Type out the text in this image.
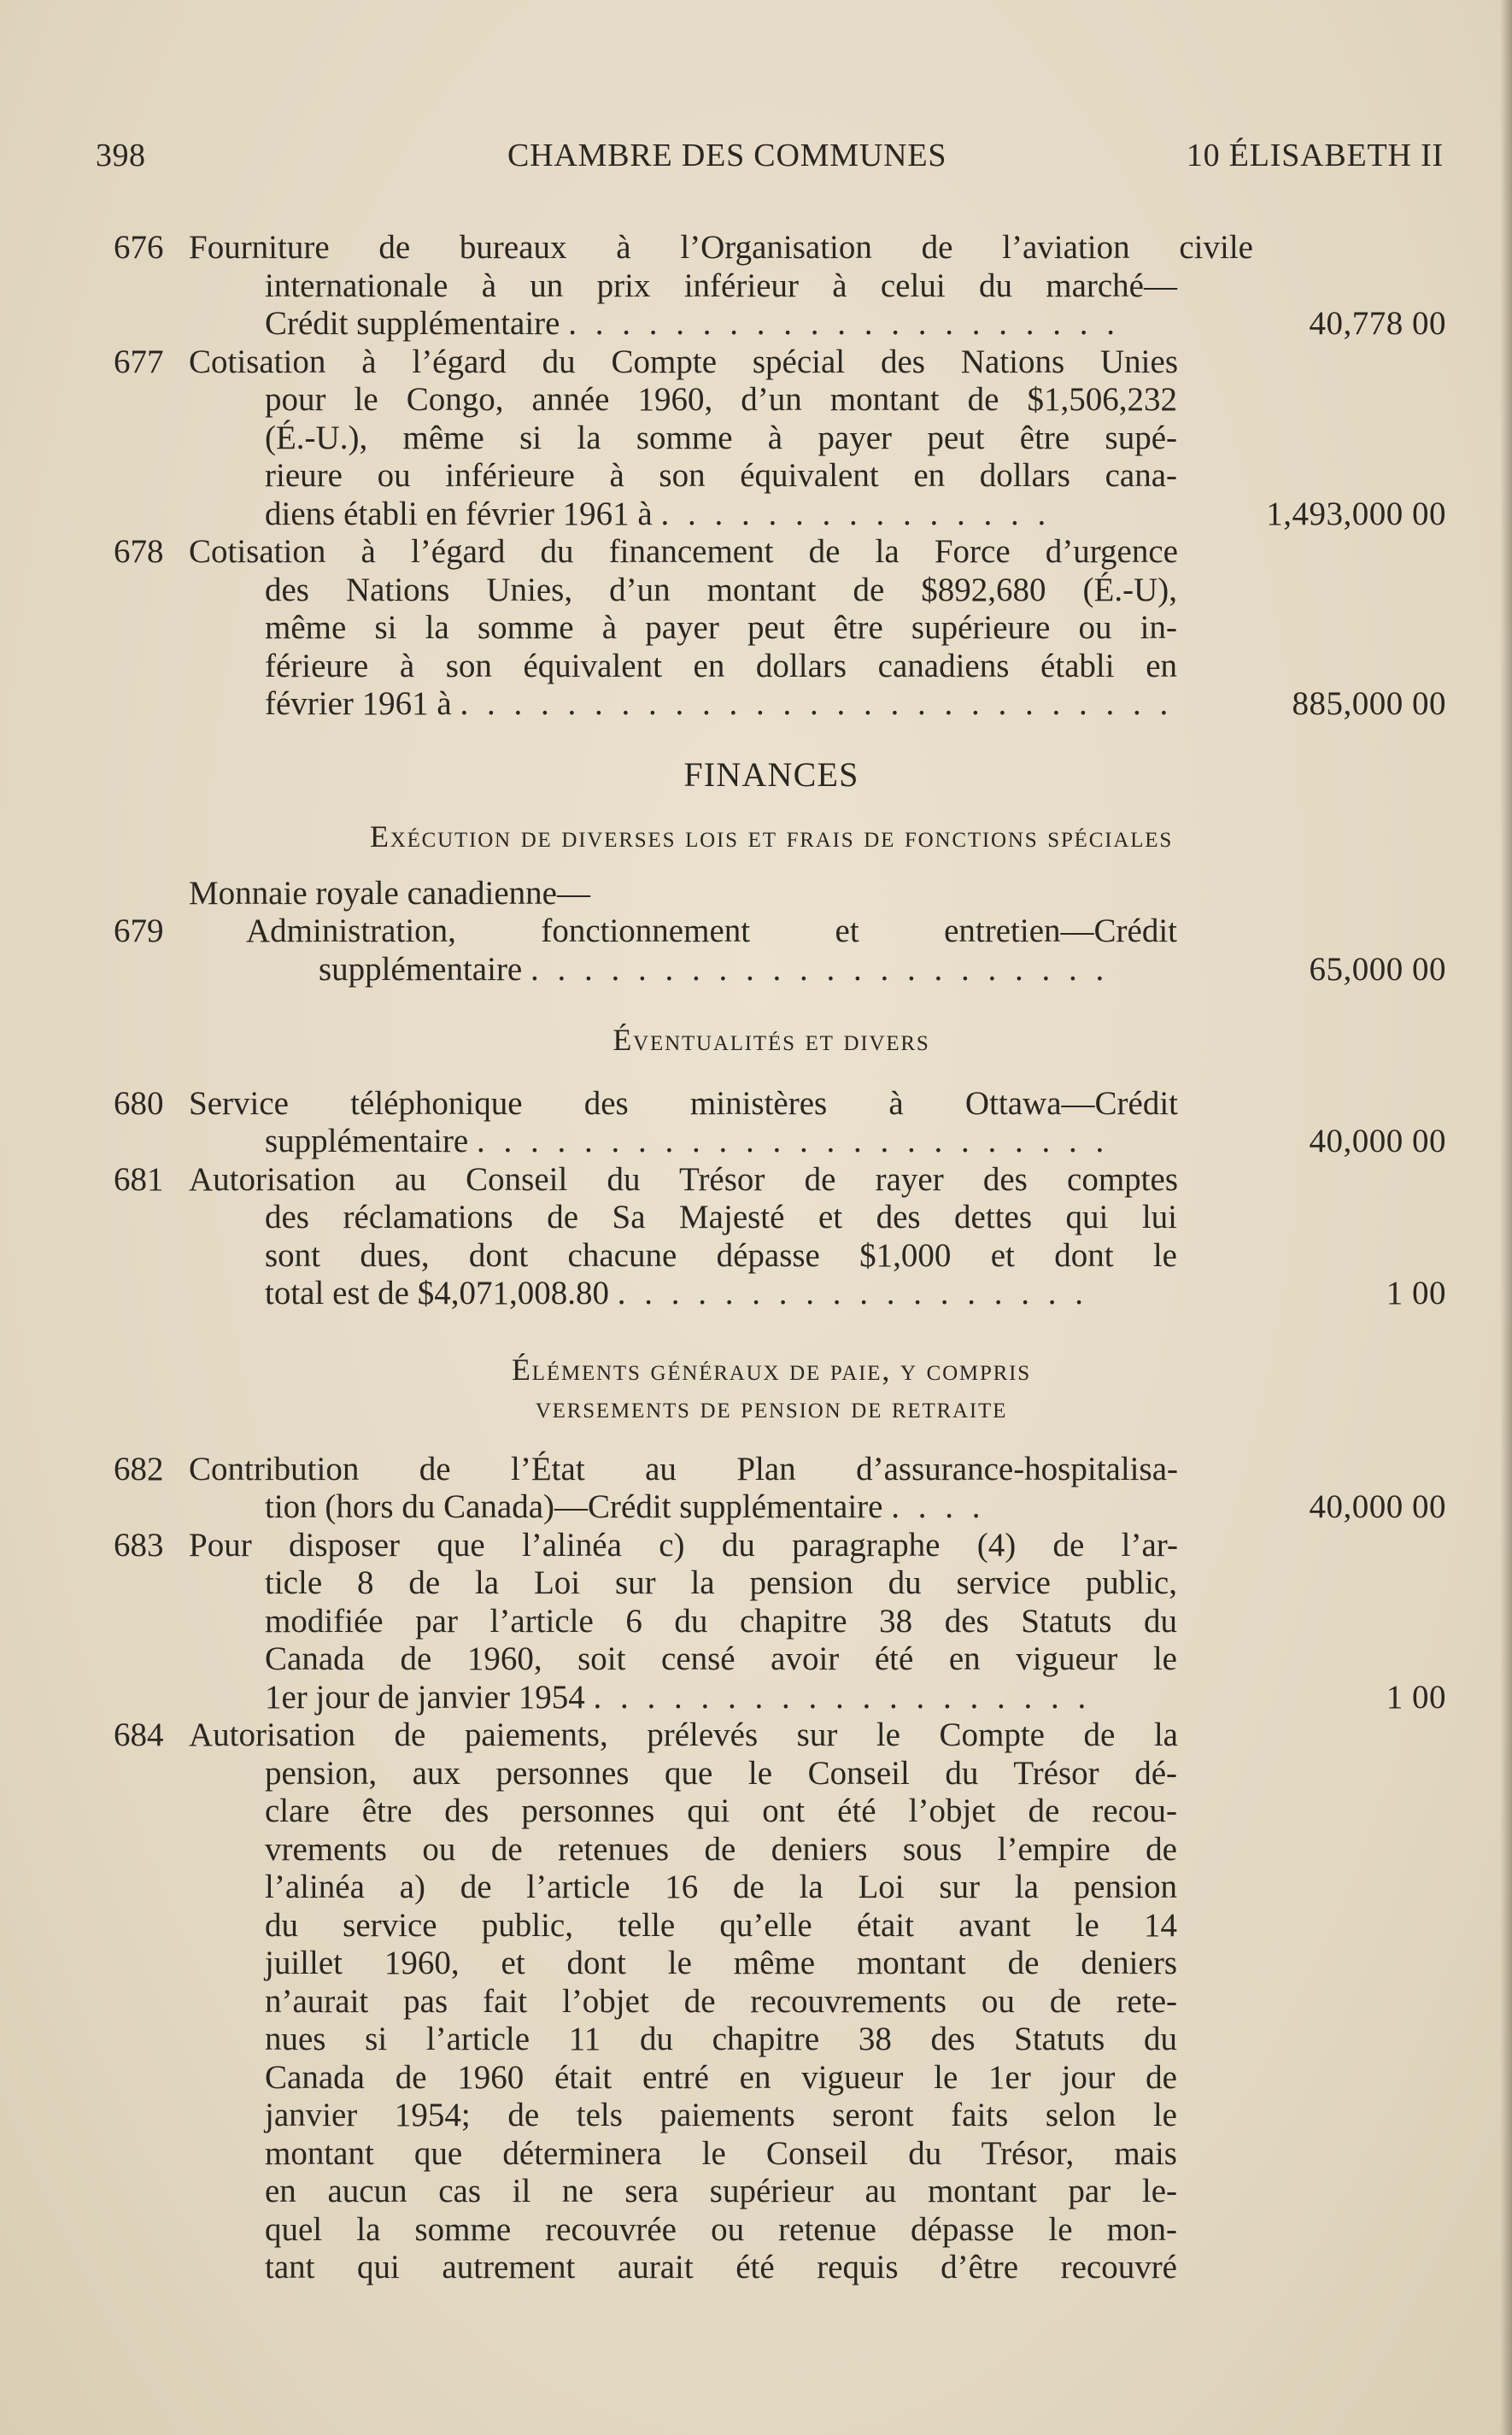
398	CHAMBRE DES COMMUNES	10 ÉLISABETH II
676 Fourniture de bureaux à l’Organisation de l’aviation civile
internationale à un prix inférieur à celui du marché—
Crédit supplémentaire . . . . . . . . . . . . . . . . . . . . .	40,778 00
677 Cotisation à l’égard du Compte spécial des Nations Unies
pour le Congo, année 1960, d’un montant de $1,506,232
(É.-U.), même si la somme à payer peut être supé-
rieure ou inférieure à son équivalent en dollars cana-
diens établi en février 1961 à . . . . . . . . . . . . . . .	1,493,000 00
678 Cotisation à l’égard du financement de la Force d’urgence
des Nations Unies, d’un montant de $892,680 (É.-U),
même si la somme à payer peut être supérieure ou in-
férieure à son équivalent en dollars canadiens établi en
février 1961 à . . . . . . . . . . . . . . . . . . . . . . . . . . .	885,000 00
FINANCES
Exécution de diverses lois et frais de fonctions spéciales
Monnaie royale canadienne—
679	Administration, fonctionnement et entretien—Crédit
supplémentaire . . . . . . . . . . . . . . . . . . . . . .	65,000 00
Éventualités et divers
680 Service téléphonique des ministères à Ottawa—Crédit
supplémentaire . . . . . . . . . . . . . . . . . . . . . . . .	40,000 00
681 Autorisation au Conseil du Trésor de rayer des comptes
des réclamations de Sa Majesté et des dettes qui lui
sont dues, dont chacune dépasse $1,000 et dont le
total est de $4,071,008.80 . . . . . . . . . . . . . . . . . .	1 00
Éléments généraux de paie, y compris
versements de pension de retraite
682 Contribution de l’État au Plan d’assurance-hospitalisa-
tion (hors du Canada)—Crédit supplémentaire . . . .	40,000 00
683 Pour disposer que l’alinéa c) du paragraphe (4) de l’ar-
ticle 8 de la Loi sur la pension du service public,
modifiée par l’article 6 du chapitre 38 des Statuts du
Canada de 1960, soit censé avoir été en vigueur le
1er jour de janvier 1954 . . . . . . . . . . . . . . . . . . .	1 00
684 Autorisation de paiements, prélevés sur le Compte de la
pension, aux personnes que le Conseil du Trésor dé-
clare être des personnes qui ont été l’objet de recou-
vrements ou de retenues de deniers sous l’empire de
l’alinéa a) de l’article 16 de la Loi sur la pension
du service public, telle qu’elle était avant le 14
juillet 1960, et dont le même montant de deniers
n’aurait pas fait l’objet de recouvrements ou de rete-
nues si l’article 11 du chapitre 38 des Statuts du
Canada de 1960 était entré en vigueur le 1er jour de
janvier 1954; de tels paiements seront faits selon le
montant que déterminera le Conseil du Trésor, mais
en aucun cas il ne sera supérieur au montant par le-
quel la somme recouvrée ou retenue dépasse le mon-
tant qui autrement aurait été requis d’être recouvré
